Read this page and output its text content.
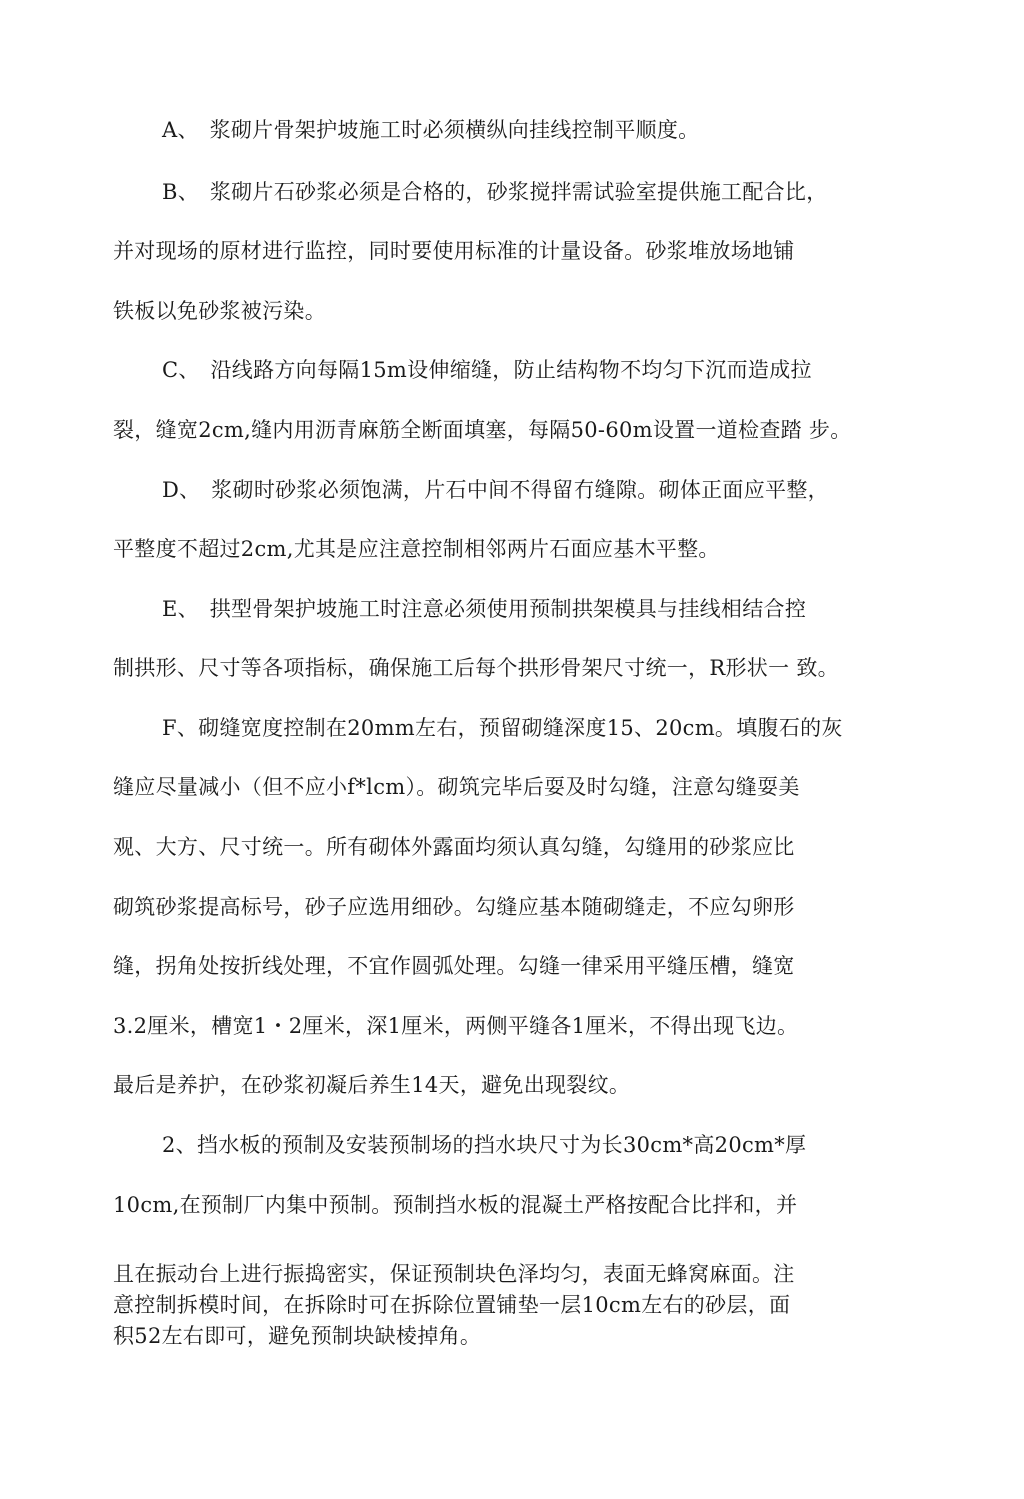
A、　浆砌片骨架护坡施工时必须横纵向挂线控制平顺度。
B、　浆砌片石砂浆必须是合格的，砂浆搅拌需试验室提供施工配合比，
并对现场的原材进行监控，同时要使用标准的计量设备。砂浆堆放场地铺
铁板以免砂浆被污染。
C、　沿线路方向每隔15m设伸缩缝，防止结构物不均匀下沉而造成拉
裂，缝宽2cm,缝内用沥青麻筋全断面填塞，每隔50-60m设置一道检查踏 步。
D、　浆砌时砂浆必须饱满，片石中间不得留冇缝隙。砌体正面应平整，
平整度不超过2cm,尤其是应注意控制相邻两片石面应基木平整。
E、　拱型骨架护坡施工时注意必须使用预制拱架模具与挂线相结合控
制拱形、尺寸等各项指标，确保施工后每个拱形骨架尺寸统一，R形状一 致。
F、砌缝宽度控制在20mm左右，预留砌缝深度15、20cm。填腹石的灰
缝应尽量减小（但不应小f*lcm）。砌筑完毕后耍及时勾缝，注意勾缝耍美
观、大方、尺寸统一。所有砌体外露面均须认真勾缝，勾缝用的砂浆应比
砌筑砂浆提高标号，砂子应选用细砂。勾缝应基本随砌缝走，不应勾卵形
缝，拐角处按折线处理，不宜作圆弧处理。勾缝一律采用平缝压槽，缝宽
3.2厘米，槽宽1・2厘米，深1厘米，两侧平缝各1厘米，不得出现飞边。
最后是养护，在砂浆初凝后养生14天，避免出现裂纹。
2、挡水板的预制及安装预制场的挡水块尺寸为长30cm*高20cm*厚
10cm,在预制厂内集中预制。预制挡水板的混凝土严格按配合比拌和，并
且在振动台上进行振捣密实，保证预制块色泽均匀，表面无蜂窝麻面。注
意控制拆模时间，在拆除时可在拆除位置铺垫一层10cm左右的砂层，面
积52左右即可，避免预制块缺棱掉角。
